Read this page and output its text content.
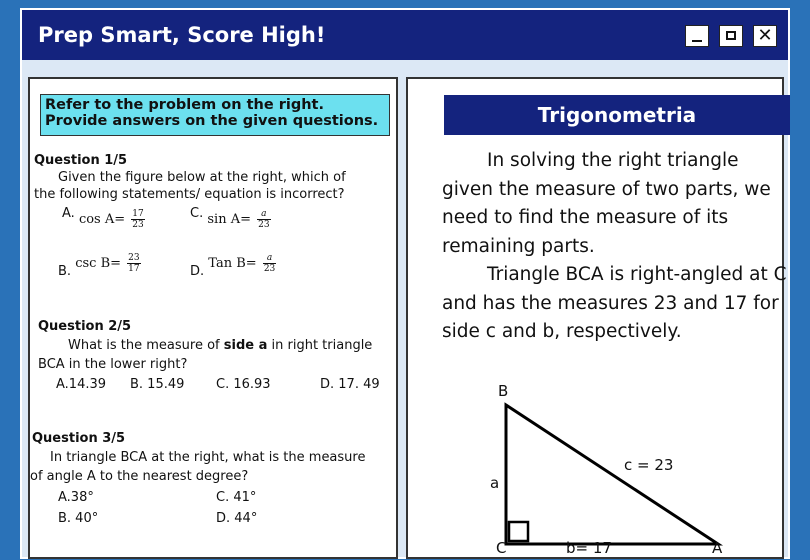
Prep Smart, Score High!	✕
Refer to the problem on the right. Provide answers on the given questions.
Question 1/5
Given the figure below at the right, which of
the following statements/ equation is incorrect?
A. $\cos A= \frac{17}{23}$	C. $\sin A= \frac{a}{23}$
B. $\csc B= \frac{23}{17}$	D. Tan $B= \frac{a}{23}$
Question 2/5
What is the measure of side a in right triangle
BCA in the lower right?
A.14.39 B. 15.49 C. 16.93	D. 17. 49
Question 3/5
In triangle BCA at the right, what is the measure
of angle A to the nearest degree?
A.38°	C. 41°
B. 40°	D. 44°
Trigonometria
In solving the right triangle given the measure of two parts, we need to find the measure of its remaining parts.
Triangle BCA is right-angled at C and has the measures 23 and 17 for side c and b, respectively.
B
C	A
a
b= 17
c = 23
